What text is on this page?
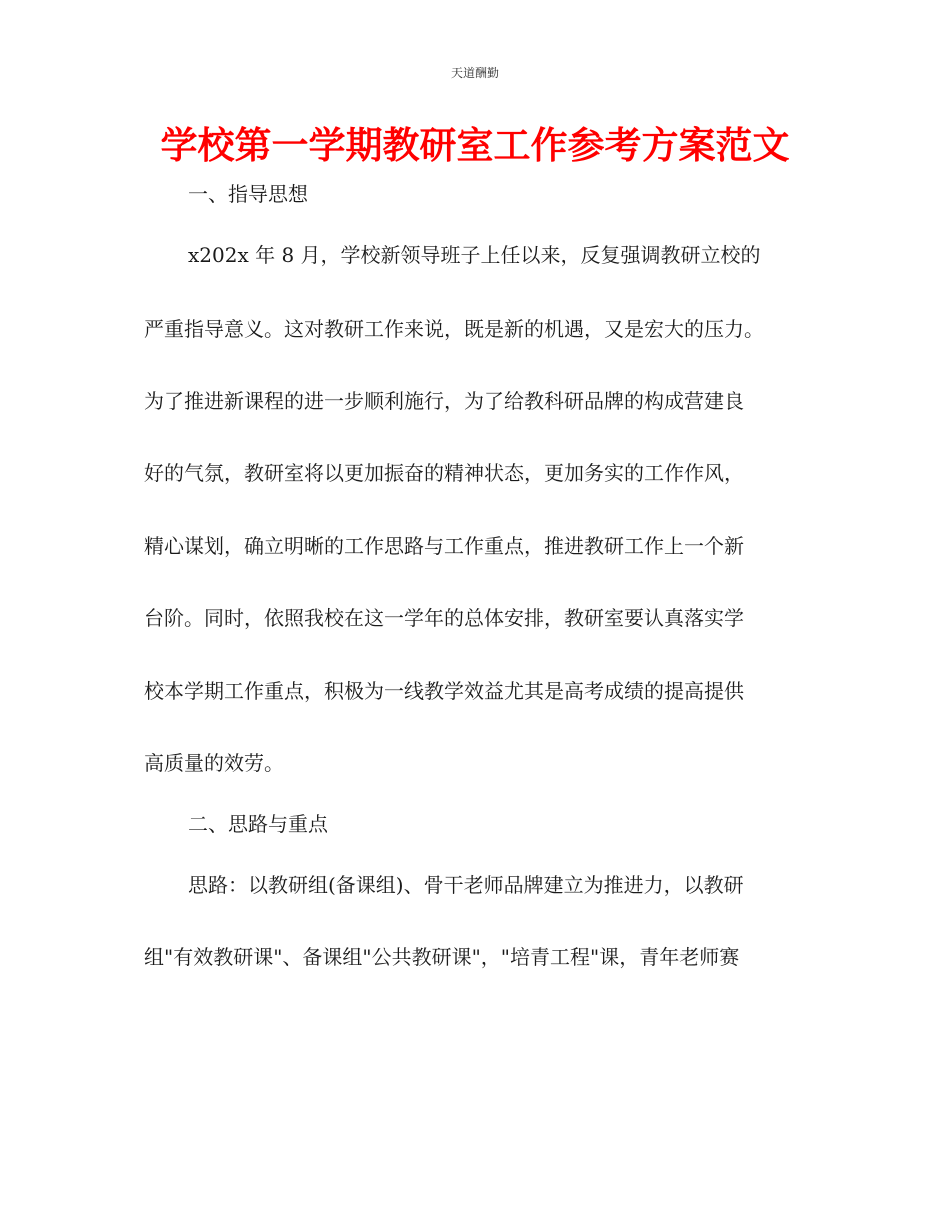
天道酬勤
学校第一学期教研室工作参考方案范文
一、指导思想
x202x 年 8 月，学校新领导班子上任以来，反复强调教研立校的
严重指导意义。这对教研工作来说，既是新的机遇，又是宏大的压力。
为了推进新课程的进一步顺利施行，为了给教科研品牌的构成营建良
好的气氛，教研室将以更加振奋的精神状态，更加务实的工作作风，
精心谋划，确立明晰的工作思路与工作重点，推进教研工作上一个新
台阶。同时，依照我校在这一学年的总体安排，教研室要认真落实学
校本学期工作重点，积极为一线教学效益尤其是高考成绩的提高提供
高质量的效劳。
二、思路与重点
思路：以教研组(备课组)、骨干老师品牌建立为推进力，以教研
组"有效教研课"、备课组"公共教研课"，"培青工程"课，青年老师赛
